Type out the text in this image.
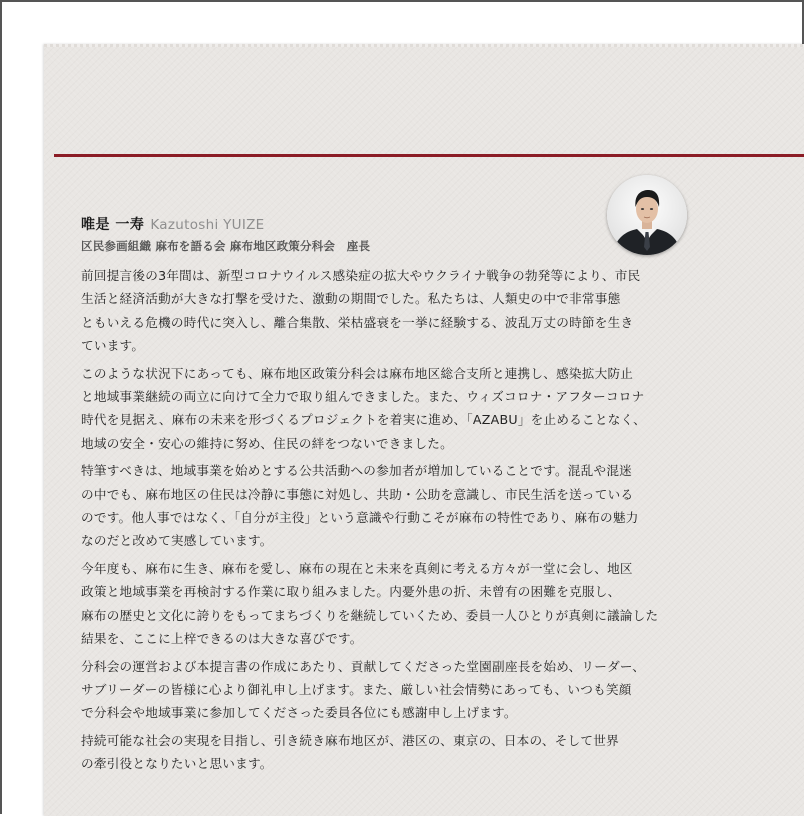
唯是 一寿 Kazutoshi YUIZE
区民参画組織 麻布を語る会 麻布地区政策分科会　座長

前回提言後の3年間は、新型コロナウイルス感染症の拡大やウクライナ戦争の勃発等により、市民
生活と経済活動が大きな打撃を受けた、激動の期間でした。私たちは、人類史の中で非常事態
ともいえる危機の時代に突入し、離合集散、栄枯盛衰を一挙に経験する、波乱万丈の時節を生き
ています。

このような状況下にあっても、麻布地区政策分科会は麻布地区総合支所と連携し、感染拡大防止
と地域事業継続の両立に向けて全力で取り組んできました。また、ウィズコロナ・アフターコロナ
時代を見据え、麻布の未来を形づくるプロジェクトを着実に進め、「AZABU」を止めることなく、
地域の安全・安心の維持に努め、住民の絆をつないできました。

特筆すべきは、地域事業を始めとする公共活動への参加者が増加していることです。混乱や混迷
の中でも、麻布地区の住民は冷静に事態に対処し、共助・公助を意識し、市民生活を送っている
のです。他人事ではなく、「自分が主役」という意識や行動こそが麻布の特性であり、麻布の魅力
なのだと改めて実感しています。

今年度も、麻布に生き、麻布を愛し、麻布の現在と未来を真剣に考える方々が一堂に会し、地区
政策と地域事業を再検討する作業に取り組みました。内憂外患の折、未曾有の困難を克服し、
麻布の歴史と文化に誇りをもってまちづくりを継続していくため、委員一人ひとりが真剣に議論した
結果を、ここに上梓できるのは大きな喜びです。

分科会の運営および本提言書の作成にあたり、貢献してくださった堂園副座長を始め、リーダー、
サブリーダーの皆様に心より御礼申し上げます。また、厳しい社会情勢にあっても、いつも笑顔
で分科会や地域事業に参加してくださった委員各位にも感謝申し上げます。

持続可能な社会の実現を目指し、引き続き麻布地区が、港区の、東京の、日本の、そして世界
の牽引役となりたいと思います。
